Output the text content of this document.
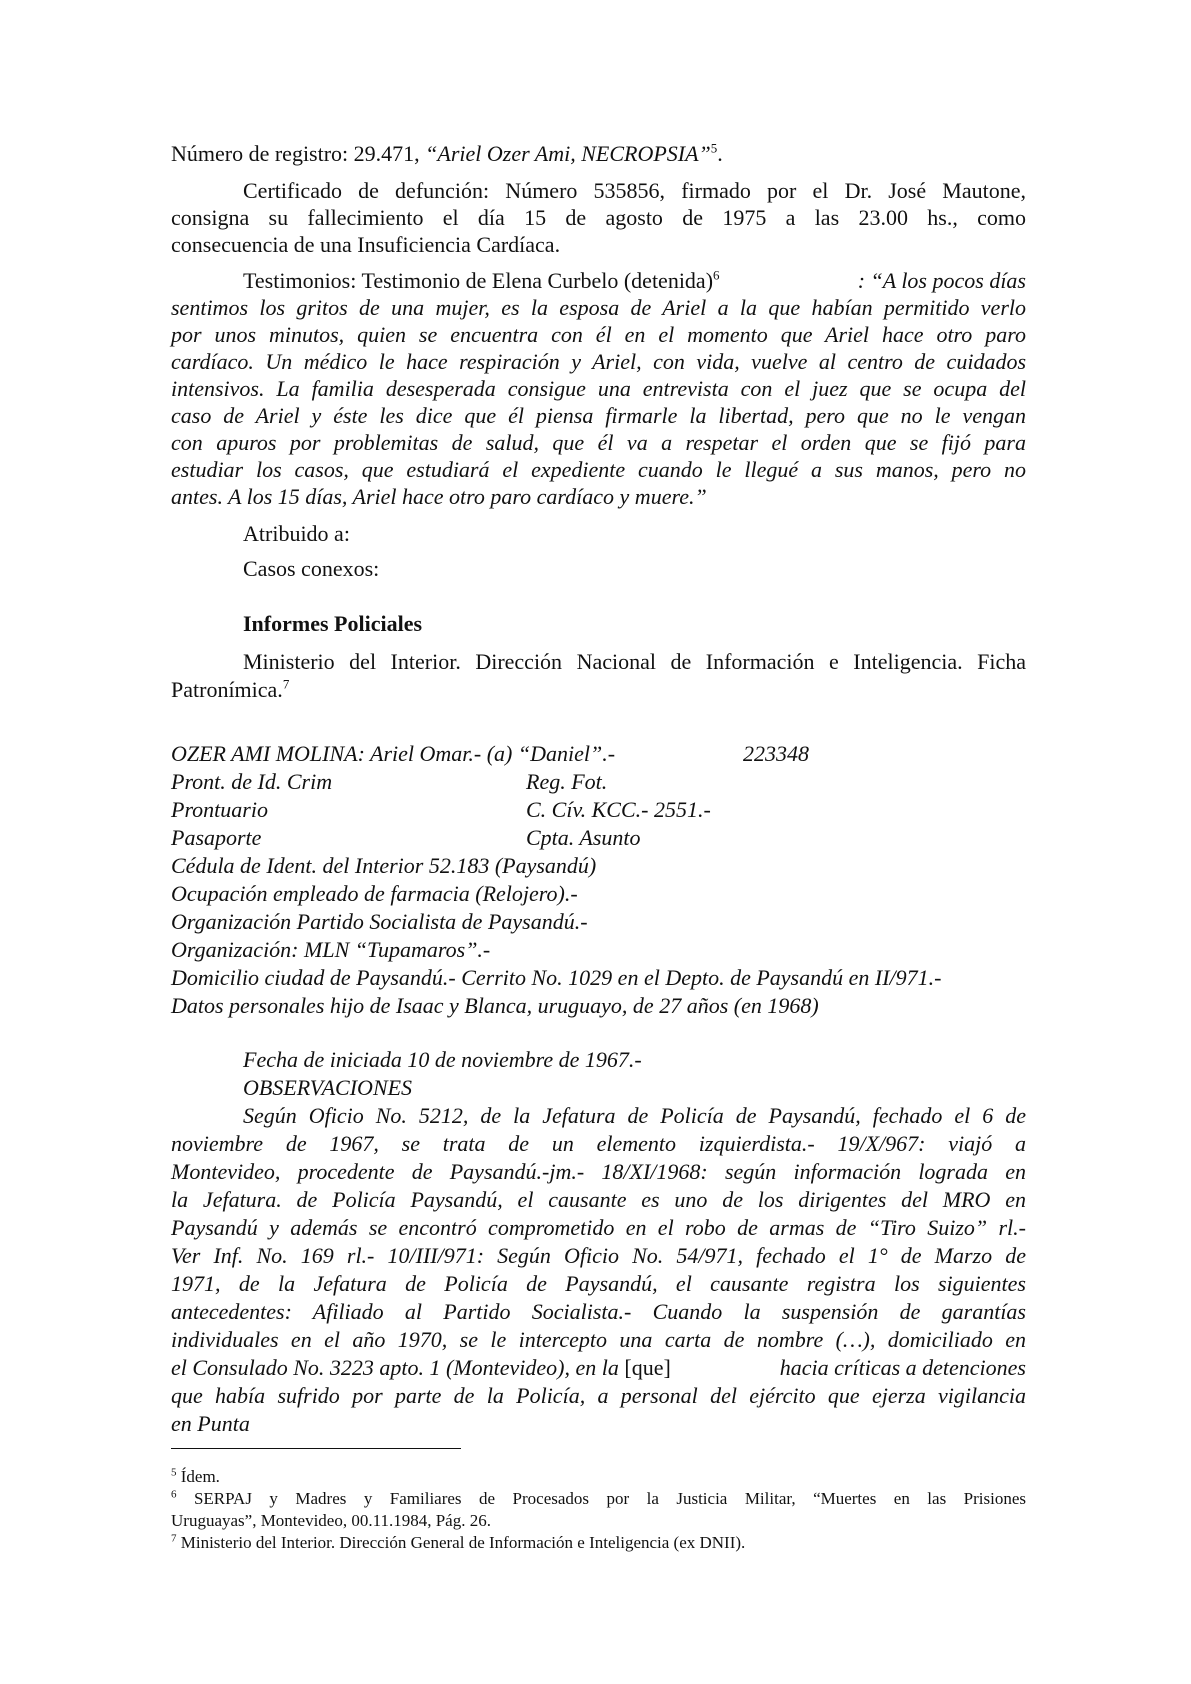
Número de registro: 29.471, “Ariel Ozer Ami, NECROPSIA”$^5$.
Certificado de defunción: Número 535856, firmado por el Dr. José Mautone,
consigna su fallecimiento el día 15 de agosto de 1975 a las 23.00 hs., como
consecuencia de una Insuficiencia Cardíaca.
Testimonios: Testimonio de Elena Curbelo (detenida)$^6$	: “A los pocos días
sentimos los gritos de una mujer, es la esposa de Ariel a la que habían permitido verlo
por unos minutos, quien se encuentra con él en el momento que Ariel hace otro paro
cardíaco. Un médico le hace respiración y Ariel, con vida, vuelve al centro de cuidados
intensivos. La familia desesperada consigue una entrevista con el juez que se ocupa del
caso de Ariel y éste les dice que él piensa firmarle la libertad, pero que no le vengan
con apuros por problemitas de salud, que él va a respetar el orden que se fijó para
estudiar los casos, que estudiará el expediente cuando le llegué a sus manos, pero no
antes. A los 15 días, Ariel hace otro paro cardíaco y muere.”
Atribuido a:
Casos conexos:
Informes Policiales
Ministerio del Interior. Dirección Nacional de Información e Inteligencia. Ficha
Patronímica.$^7$
OZER AMI MOLINA: Ariel Omar.- (a) “Daniel”.-	223348
Pront. de Id. Crim	Reg. Fot.
Prontuario	C. Cív. KCC.- 2551.-
Pasaporte	Cpta. Asunto
Cédula de Ident. del Interior 52.183 (Paysandú)
Ocupación empleado de farmacia (Relojero).-
Organización Partido Socialista de Paysandú.-
Organización: MLN “Tupamaros”.-
Domicilio ciudad de Paysandú.- Cerrito No. 1029 en el Depto. de Paysandú en II/971.-
Datos personales hijo de Isaac y Blanca, uruguayo, de 27 años (en 1968)
Fecha de iniciada 10 de noviembre de 1967.-
OBSERVACIONES
Según Oficio No. 5212, de la Jefatura de Policía de Paysandú, fechado el 6 de
noviembre de 1967, se trata de un elemento izquierdista.- 19/X/967: viajó a
Montevideo, procedente de Paysandú.-jm.- 18/XI/1968: según información lograda en
la Jefatura. de Policía Paysandú, el causante es uno de los dirigentes del MRO en
Paysandú y además se encontró comprometido en el robo de armas de “Tiro Suizo” rl.-
Ver Inf. No. 169 rl.- 10/III/971: Según Oficio No. 54/971, fechado el 1° de Marzo de
1971, de la Jefatura de Policía de Paysandú, el causante registra los siguientes
antecedentes: Afiliado al Partido Socialista.- Cuando la suspensión de garantías
individuales en el año 1970, se le intercepto una carta de nombre (…), domiciliado en
el Consulado No. 3223 apto. 1 (Montevideo), en la [que]	hacia críticas a detenciones
que había sufrido por parte de la Policía, a personal del ejército que ejerza vigilancia
en Punta
$^5$ Ídem.
$^6$ SERPAJ y Madres y Familiares de Procesados por la Justicia Militar, “Muertes en las Prisiones
Uruguayas”, Montevideo, 00.11.1984, Pág. 26.
$^7$ Ministerio del Interior. Dirección General de Información e Inteligencia (ex DNII).
